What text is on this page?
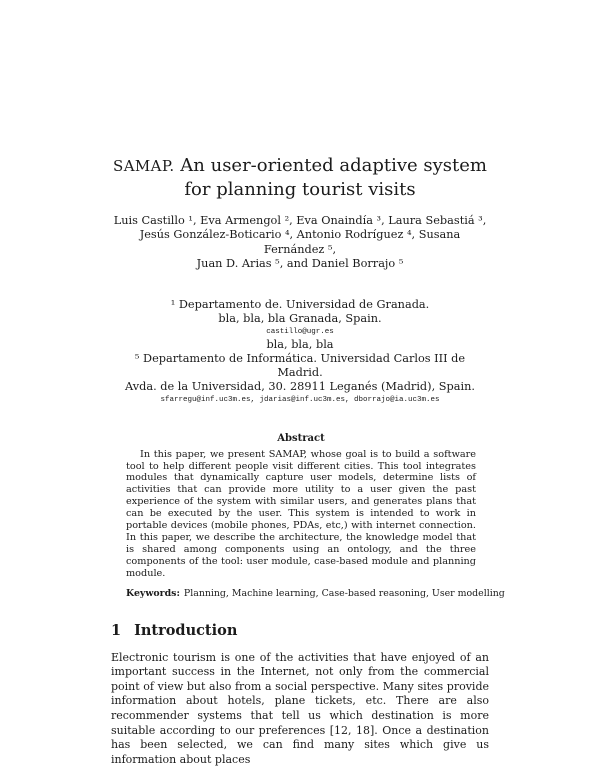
SAMAP. An user-oriented adaptive system
for planning tourist visits
Luis Castillo ¹, Eva Armengol ², Eva Onaindía ³, Laura Sebastiá ³,
Jesús González-Boticario ⁴, Antonio Rodríguez ⁴, Susana Fernández ⁵,
Juan D. Arias ⁵, and Daniel Borrajo ⁵
¹ Departamento de. Universidad de Granada.
bla, bla, bla Granada, Spain.
castillo@ugr.es
bla, bla, bla
⁵ Departamento de Informática. Universidad Carlos III de Madrid.
Avda. de la Universidad, 30. 28911 Leganés (Madrid), Spain.
sfarregu@inf.uc3m.es, jdarias@inf.uc3m.es, dborrajo@ia.uc3m.es
Abstract
In this paper, we present SAMAP, whose goal is to build a software tool to help different people visit different cities. This tool integrates modules that dynamically capture user models, determine lists of activities that can provide more utility to a user given the past experience of the system with similar users, and generates plans that can be executed by the user. This system is intended to work in portable devices (mobile phones, PDAs, etc,) with internet connection. In this paper, we describe the architecture, the knowledge model that is shared among components using an ontology, and the three components of the tool: user module, case-based module and planning module.
Keywords: Planning, Machine learning, Case-based reasoning, User modelling
1 Introduction
Electronic tourism is one of the activities that have enjoyed of an important success in the Internet, not only from the commercial point of view but also from a social perspective. Many sites provide information about hotels, plane tickets, etc. There are also recommender systems that tell us which destination is more suitable according to our preferences [12, 18]. Once a destination has been selected, we can find many sites which give us information about places
